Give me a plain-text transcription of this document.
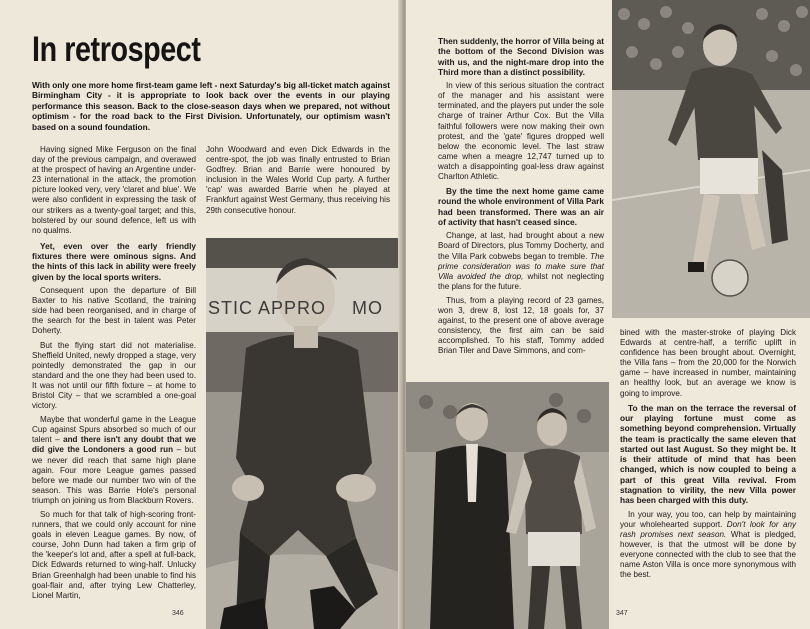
In retrospect
With only one more home first-team game left - next Saturday's big all-ticket match against Birmingham City - it is appropriate to look back over the events in our playing performance this season. Back to the close-season days when we prepared, not without optimism - for the road back to the First Division. Unfortunately, our optimism wasn't based on a sound foundation.

Having signed Mike Ferguson on the final day of the previous campaign, and overawed at the prospect of having an Argentine under-23 international in the attack, the promotion picture looked very, very 'claret and blue'. We were also confident in expressing the task of our strikers as a twenty-goal target; and this, bolstered by our sound defence, left us with no qualms.

Yet, even over the early friendly fixtures there were ominous signs. And the hints of this lack in ability were freely given by the local sports writers.

Consequent upon the departure of Bill Baxter to his native Scotland, the training side had been reorganised, and in charge of the search for the best in talent was Peter Doherty.

But the flying start did not materialise. Sheffield United, newly dropped a stage, very pointedly demonstrated the gap in our standard and the one they had been used to. It was not until our fifth fixture – at home to Bristol City – that we scrambled a one-goal victory.

Maybe that wonderful game in the League Cup against Spurs absorbed so much of our talent – and there isn't any doubt that we did give the Londoners a good run – but we never did reach that same high plane again. Four more League games passed before we made our number two win of the season. This was Barrie Hole's personal triumph on joining us from Blackburn Rovers.

So much for that talk of high-scoring front-runners, that we could only account for nine goals in eleven League games. By now, of course, John Dunn had taken a firm grip of the 'keeper's lot and, after a spell at full-back, Dick Edwards returned to wing-half. Unlucky Brian Greenhalgh had been unable to find his goal-flair and, after trying Lew Chatterley, Lionel Martin,

John Woodward and even Dick Edwards in the centre-spot, the job was finally entrusted to Brian Godfrey. Brian and Barrie were honoured by inclusion in the Wales World Cup party. A further 'cap' was awarded Barrie when he played at Frankfurt against West Germany, thus receiving his 29th consecutive honour.

STIC APPRO MO
346

Then suddenly, the horror of Villa being at the bottom of the Second Division was with us, and the night-mare drop into the Third more than a distinct possibility.

In view of this serious situation the contract of the manager and his assistant were terminated, and the players put under the sole charge of trainer Arthur Cox. But the Villa faithful followers were now making their own protest, and the 'gate' figures dropped well below the economic level. The last straw came when a meagre 12,747 turned up to watch a disappointing goal-less draw against Charlton Athletic.

By the time the next home game came round the whole environment of Villa Park had been transformed. There was an air of activity that hasn't ceased since.

Change, at last, had brought about a new Board of Directors, plus Tommy Docherty, and the Villa Park cobwebs began to tremble. The prime consideration was to make sure that Villa avoided the drop, whilst not neglecting the plans for the future.

Thus, from a playing record of 23 games, won 3, drew 8, lost 12, 18 goals for, 37 against, to the present one of above average consistency, the first aim can be said accomplished. To his staff, Tommy added Brian Tiler and Dave Simmons, and com-

bined with the master-stroke of playing Dick Edwards at centre-half, a terrific uplift in confidence has been brought about. Overnight, the Villa fans – from the 20,000 for the Norwich game – have increased in number, maintaining an healthy look, but an average we know is going to improve.

To the man on the terrace the reversal of our playing fortune must come as something beyond comprehension. Virtually the team is practically the same eleven that started out last August. So they might be. It is their attitude of mind that has been changed, which is now coupled to being a part of this great Villa revival. From stagnation to virility, the new Villa power has been charged with this duty.

In your way, you too, can help by maintaining your wholehearted support. Don't look for any rash promises next season. What is pledged, however, is that the utmost will be done by everyone connected with the club to see that the name Aston Villa is once more synonymous with the best.

347
